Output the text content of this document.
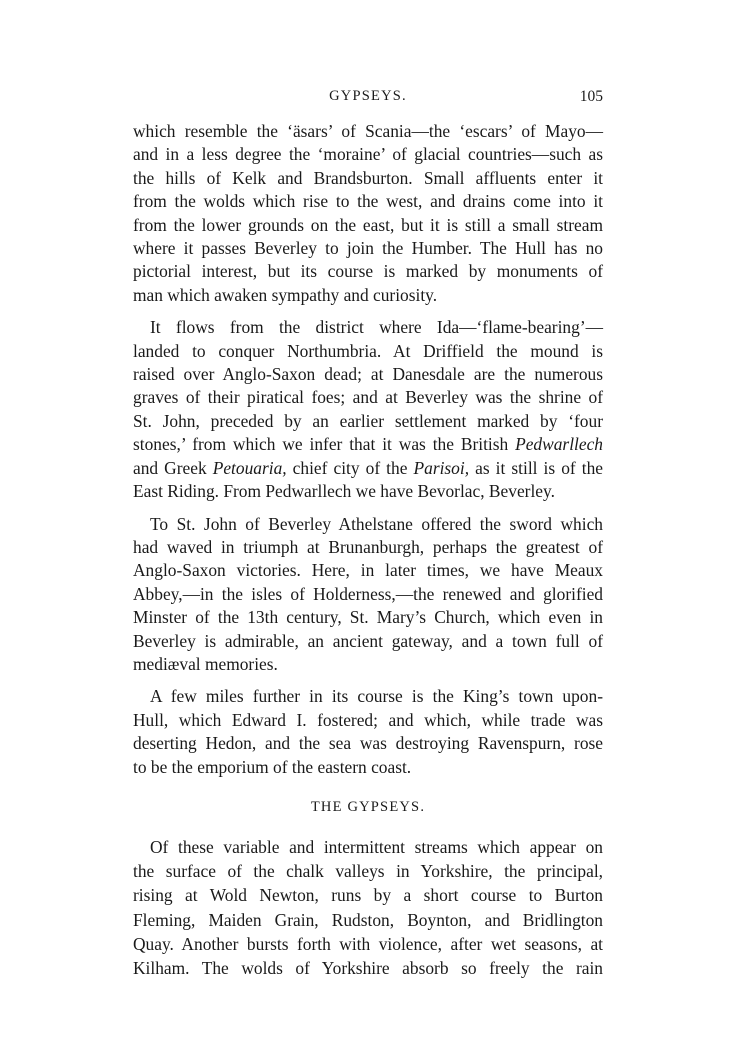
GYPSEYS.	105

which resemble the ‘äsars’ of Scania—the ‘escars’ of Mayo—
and in a less degree the ‘moraine’ of glacial countries—such as
the hills of Kelk and Brandsburton. Small affluents enter it
from the wolds which rise to the west, and drains come into it
from the lower grounds on the east, but it is still a small stream
where it passes Beverley to join the Humber. The Hull has no
pictorial interest, but its course is marked by monuments of
man which awaken sympathy and curiosity.

It flows from the district where Ida—‘flame-bearing’—
landed to conquer Northumbria. At Driffield the mound is
raised over Anglo-Saxon dead; at Danesdale are the numerous
graves of their piratical foes; and at Beverley was the shrine of
St. John, preceded by an earlier settlement marked by ‘four
stones,’ from which we infer that it was the British Pedwarllech
and Greek Petouaria, chief city of the Parisoi, as it still is of the
East Riding. From Pedwarllech we have Bevorlac, Beverley.

To St. John of Beverley Athelstane offered the sword which
had waved in triumph at Brunanburgh, perhaps the greatest of
Anglo-Saxon victories. Here, in later times, we have Meaux
Abbey,—in the isles of Holderness,—the renewed and glorified
Minster of the 13th century, St. Mary’s Church, which even in
Beverley is admirable, an ancient gateway, and a town full of
mediæval memories.

A few miles further in its course is the King’s town upon-
Hull, which Edward I. fostered; and which, while trade was
deserting Hedon, and the sea was destroying Ravenspurn, rose
to be the emporium of the eastern coast.

THE GYPSEYS.

Of these variable and intermittent streams which appear on
the surface of the chalk valleys in Yorkshire, the principal,
rising at Wold Newton, runs by a short course to Burton
Fleming, Maiden Grain, Rudston, Boynton, and Bridlington
Quay. Another bursts forth with violence, after wet seasons, at
Kilham. The wolds of Yorkshire absorb so freely the rain
